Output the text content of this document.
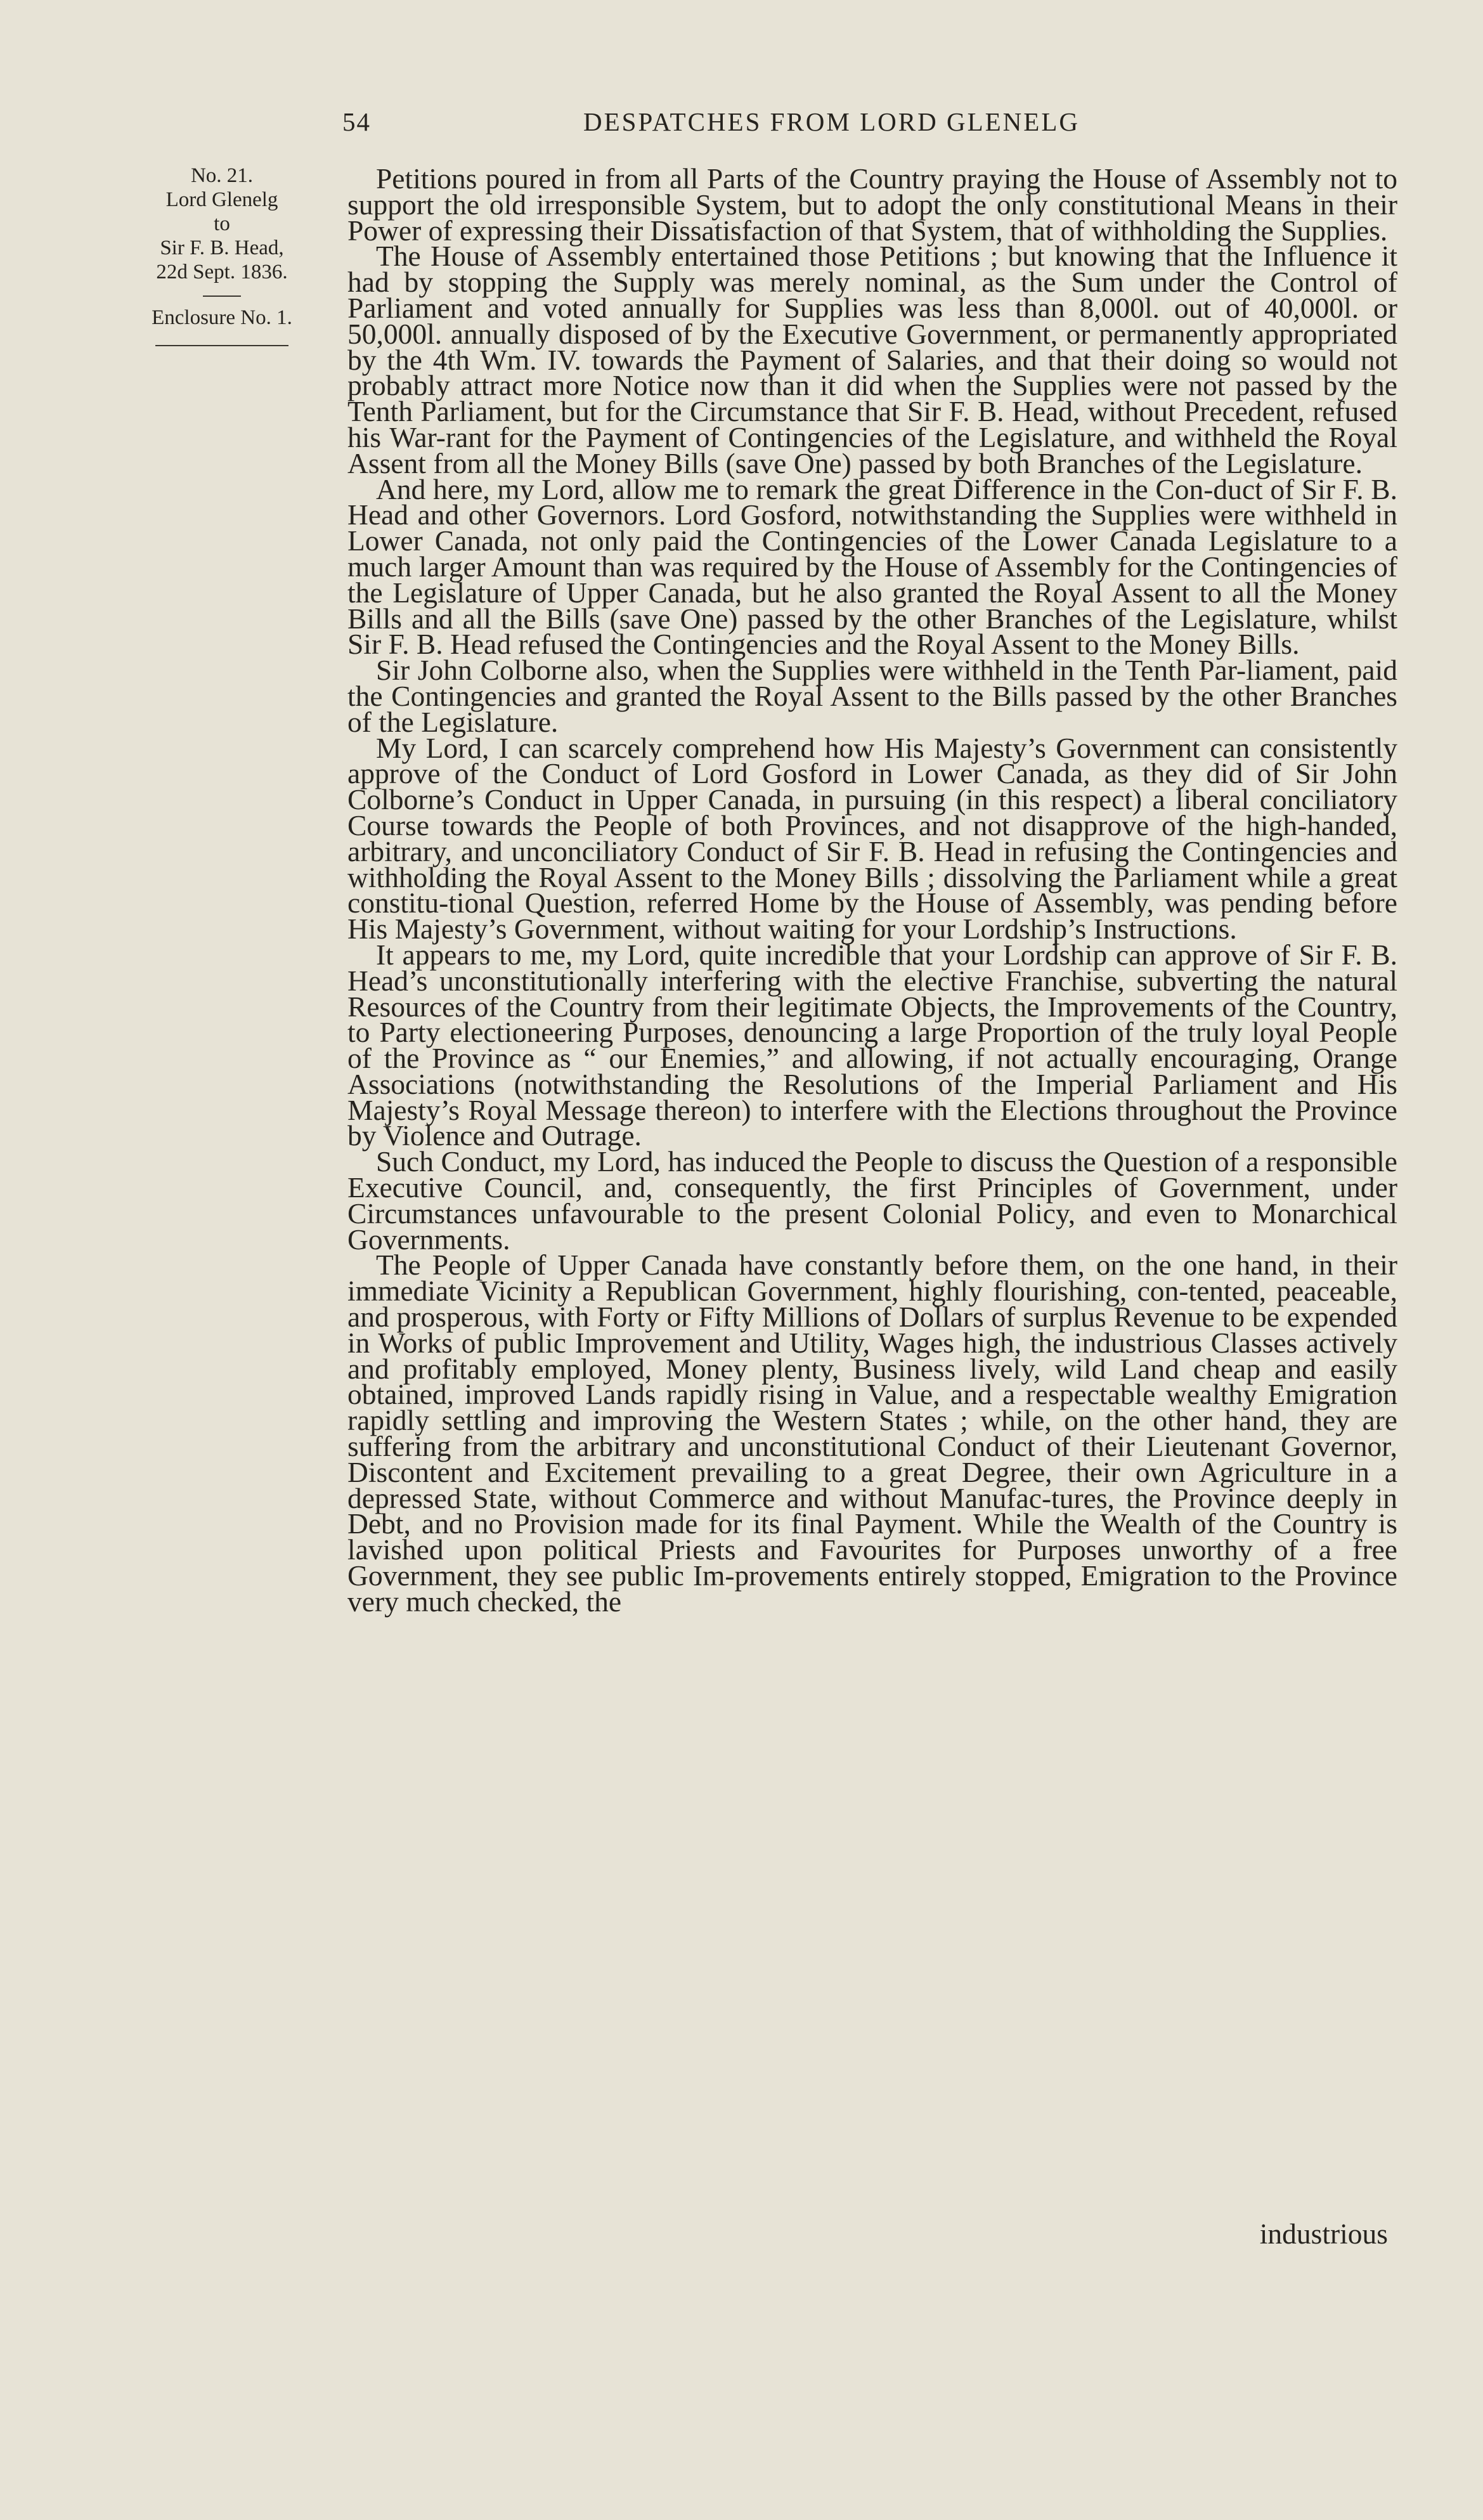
54	DESPATCHES FROM LORD GLENELG
No. 21.
Lord Glenelg
to
Sir F. B. Head,
22d Sept. 1836.
Enclosure No. 1.

Petitions poured in from all Parts of the Country praying the House of Assembly not to support the old irresponsible System, but to adopt the only constitutional Means in their Power of expressing their Dissatisfaction of that System, that of withholding the Supplies.

The House of Assembly entertained those Petitions ; but knowing that the Influence it had by stopping the Supply was merely nominal, as the Sum under the Control of Parliament and voted annually for Supplies was less than 8,000l. out of 40,000l. or 50,000l. annually disposed of by the Executive Government, or permanently appropriated by the 4th Wm. IV. towards the Payment of Salaries, and that their doing so would not probably attract more Notice now than it did when the Supplies were not passed by the Tenth Parliament, but for the Circumstance that Sir F. B. Head, without Precedent, refused his War-rant for the Payment of Contingencies of the Legislature, and withheld the Royal Assent from all the Money Bills (save One) passed by both Branches of the Legislature.

And here, my Lord, allow me to remark the great Difference in the Con-duct of Sir F. B. Head and other Governors. Lord Gosford, notwithstanding the Supplies were withheld in Lower Canada, not only paid the Contingencies of the Lower Canada Legislature to a much larger Amount than was required by the House of Assembly for the Contingencies of the Legislature of Upper Canada, but he also granted the Royal Assent to all the Money Bills and all the Bills (save One) passed by the other Branches of the Legislature, whilst Sir F. B. Head refused the Contingencies and the Royal Assent to the Money Bills.

Sir John Colborne also, when the Supplies were withheld in the Tenth Par-liament, paid the Contingencies and granted the Royal Assent to the Bills passed by the other Branches of the Legislature.

My Lord, I can scarcely comprehend how His Majesty’s Government can consistently approve of the Conduct of Lord Gosford in Lower Canada, as they did of Sir John Colborne’s Conduct in Upper Canada, in pursuing (in this respect) a liberal conciliatory Course towards the People of both Provinces, and not disapprove of the high-handed, arbitrary, and unconciliatory Conduct of Sir F. B. Head in refusing the Contingencies and withholding the Royal Assent to the Money Bills ; dissolving the Parliament while a great constitu-tional Question, referred Home by the House of Assembly, was pending before His Majesty’s Government, without waiting for your Lordship’s Instructions.

It appears to me, my Lord, quite incredible that your Lordship can approve of Sir F. B. Head’s unconstitutionally interfering with the elective Franchise, subverting the natural Resources of the Country from their legitimate Objects, the Improvements of the Country, to Party electioneering Purposes, denouncing a large Proportion of the truly loyal People of the Province as “ our Enemies,” and allowing, if not actually encouraging, Orange Associations (notwithstanding the Resolutions of the Imperial Parliament and His Majesty’s Royal Message thereon) to interfere with the Elections throughout the Province by Violence and Outrage.

Such Conduct, my Lord, has induced the People to discuss the Question of a responsible Executive Council, and, consequently, the first Principles of Government, under Circumstances unfavourable to the present Colonial Policy, and even to Monarchical Governments.

The People of Upper Canada have constantly before them, on the one hand, in their immediate Vicinity a Republican Government, highly flourishing, con-tented, peaceable, and prosperous, with Forty or Fifty Millions of Dollars of surplus Revenue to be expended in Works of public Improvement and Utility, Wages high, the industrious Classes actively and profitably employed, Money plenty, Business lively, wild Land cheap and easily obtained, improved Lands rapidly rising in Value, and a respectable wealthy Emigration rapidly settling and improving the Western States ; while, on the other hand, they are suffering from the arbitrary and unconstitutional Conduct of their Lieutenant Governor, Discontent and Excitement prevailing to a great Degree, their own Agriculture in a depressed State, without Commerce and without Manufac-tures, the Province deeply in Debt, and no Provision made for its final Payment. While the Wealth of the Country is lavished upon political Priests and Favourites for Purposes unworthy of a free Government, they see public Im-provements entirely stopped, Emigration to the Province very much checked, the

industrious
